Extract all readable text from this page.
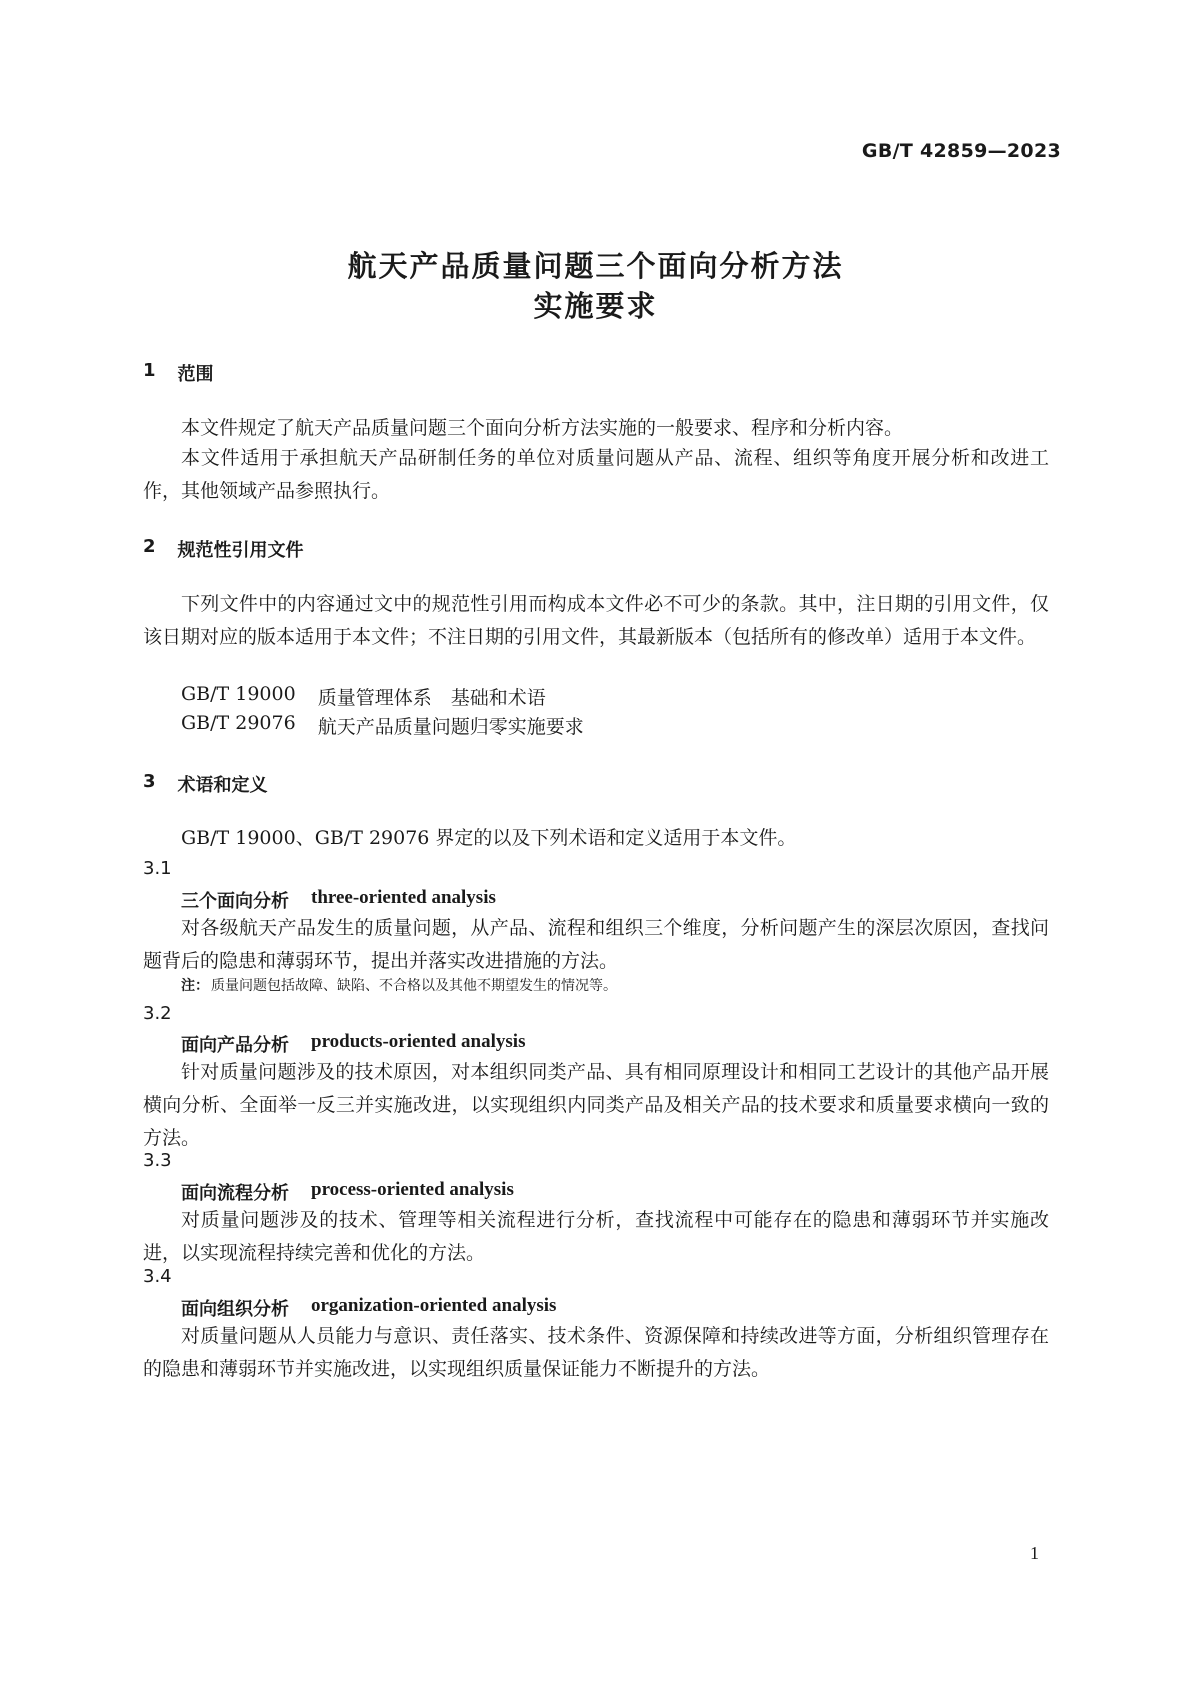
GB/T 42859—2023
航天产品质量问题三个面向分析方法
实施要求
1 范围

本文件规定了航天产品质量问题三个面向分析方法实施的一般要求、程序和分析内容。

本文件适用于承担航天产品研制任务的单位对质量问题从产品、流程、组织等角度开展分析和改进工作，其他领域产品参照执行。

2 规范性引用文件

下列文件中的内容通过文中的规范性引用而构成本文件必不可少的条款。其中，注日期的引用文件，仅该日期对应的版本适用于本文件；不注日期的引用文件，其最新版本（包括所有的修改单）适用于本文件。

GB/T 19000 质量管理体系　基础和术语
GB/T 29076 航天产品质量问题归零实施要求
3 术语和定义

GB/T 19000、GB/T 29076 界定的以及下列术语和定义适用于本文件。

3.1
三个面向分析 three-oriented analysis

对各级航天产品发生的质量问题，从产品、流程和组织三个维度，分析问题产生的深层次原因，查找问题背后的隐患和薄弱环节，提出并落实改进措施的方法。

注： 质量问题包括故障、缺陷、不合格以及其他不期望发生的情况等。
3.2
面向产品分析 products-oriented analysis

针对质量问题涉及的技术原因，对本组织同类产品、具有相同原理设计和相同工艺设计的其他产品开展横向分析、全面举一反三并实施改进，以实现组织内同类产品及相关产品的技术要求和质量要求横向一致的方法。

3.3
面向流程分析 process-oriented analysis

对质量问题涉及的技术、管理等相关流程进行分析，查找流程中可能存在的隐患和薄弱环节并实施改进，以实现流程持续完善和优化的方法。

3.4
面向组织分析 organization-oriented analysis

对质量问题从人员能力与意识、责任落实、技术条件、资源保障和持续改进等方面，分析组织管理存在的隐患和薄弱环节并实施改进，以实现组织质量保证能力不断提升的方法。

1
